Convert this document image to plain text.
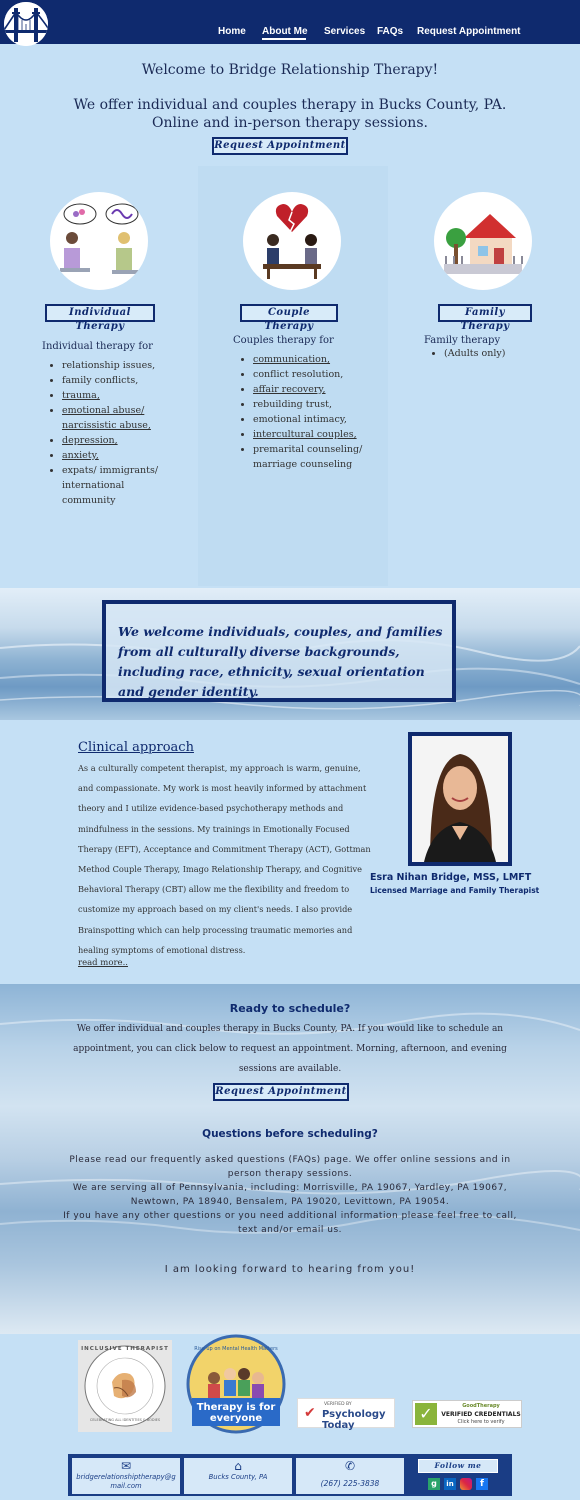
Home About Me Services FAQs Request Appointment
Welcome to Bridge Relationship Therapy!
We offer individual and couples therapy in Bucks County, PA.
Online and in-person therapy sessions.
Request Appointment
Individual Therapy
Couple Therapy
Family Therapy
Individual therapy for
• relationship issues,
• family conflicts,
• trauma,
• emotional abuse/
narcissistic abuse,
• depression,
• anxiety,
• expats/ immigrants/
international
community
Couples therapy for
• communication,
• conflict resolution,
• affair recovery,
• rebuilding trust,
• emotional intimacy,
• intercultural couples,
• premarital counseling/
marriage counseling
Family therapy
• (Adults only)
We welcome individuals, couples, and families from all culturally diverse backgrounds, including race, ethnicity, sexual orientation and gender identity.
Clinical approach
As a culturally competent therapist, my approach is warm, genuine, and compassionate. My work is most heavily informed by attachment theory and I utilize evidence-based psychotherapy methods and mindfulness in the sessions. My trainings in Emotionally Focused Therapy (EFT), Acceptance and Commitment Therapy (ACT), Gottman Method Couple Therapy, Imago Relationship Therapy, and Cognitive Behavioral Therapy (CBT) allow me the flexibility and freedom to customize my approach based on my client's needs. I also provide Brainspotting which can help processing traumatic memories and healing symptoms of emotional distress.
read more..
Esra Nihan Bridge, MSS, LMFT
Licensed Marriage and Family Therapist
Ready to schedule?
We offer individual and couples therapy in Bucks County, PA. If you would like to schedule an appointment, you can click below to request an appointment. Morning, afternoon, and evening sessions are available.
Request Appointment
Questions before scheduling?
Please read our frequently asked questions (FAQs) page. We offer online sessions and in person therapy sessions.
We are serving all of Pennsylvania, including: Morrisville, PA 19067, Yardley, PA 19067, Newtown, PA 18940, Bensalem, PA 19020, Levittown, PA 19054.
If you have any other questions or you need additional information please feel free to call, text and/or email us.
I am looking forward to hearing from you!
INCLUSIVE THERAPIST
CELEBRATING ALL IDENTITIES & BODIES
Rise up on Mental Health Matters
Therapy is for everyone	✔
VERIFIED BY
Psychology Today
✓	GoodTherapy
VERIFIED CREDENTIALS
Click here to verify
✉
bridgerelationshiptherapy@gmail.com
⌂
Bucks County, PA
✆
(267) 225-3838
Follow me
g	in	f
